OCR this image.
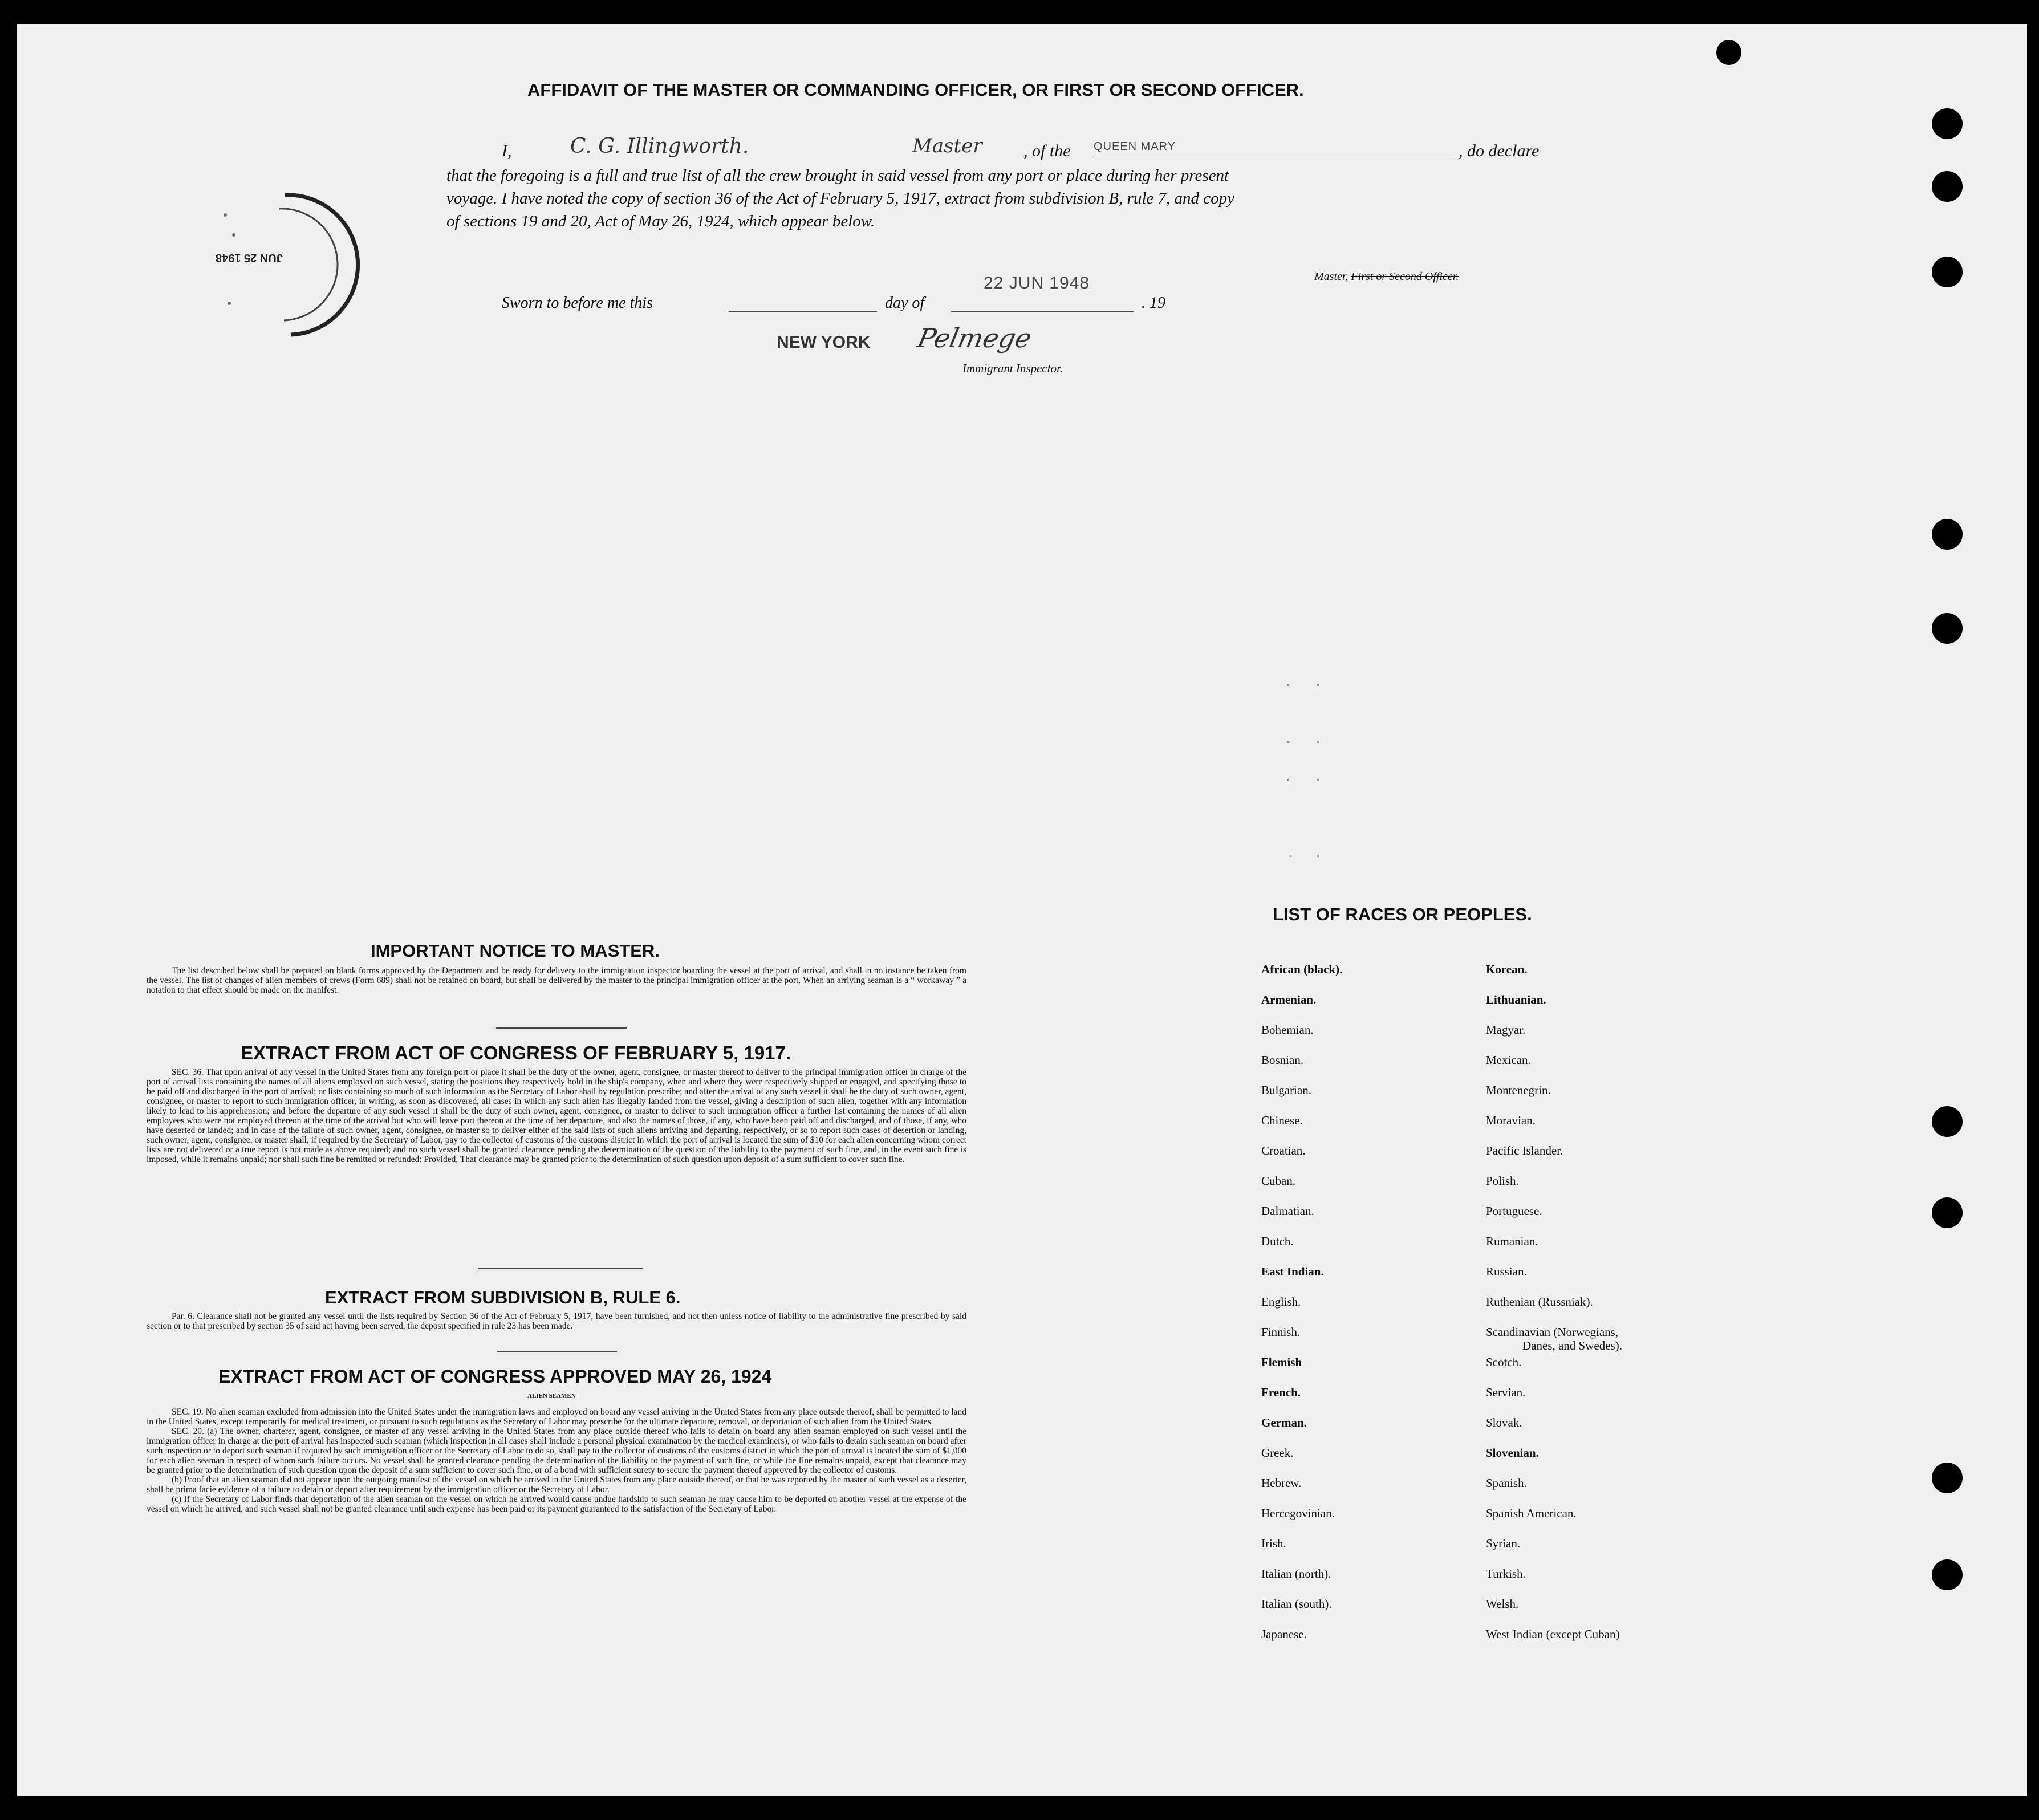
AFFIDAVIT OF THE MASTER OR COMMANDING OFFICER, OR FIRST OR SECOND OFFICER.
I,	C. G. Illingworth.	Master , of the QUEEN MARY	, do declare
that the foregoing is a full and true list of all the crew brought in said vessel from any port or place during her present
voyage. I have noted the copy of section 36 of the Act of February 5, 1917, extract from subdivision B, rule 7, and copy
of sections 19 and 20, Act of May 26, 1924, which appear below.
Master, First or Second Officer.
Sworn to before me this	day of
22 JUN 1948
. 19
NEW YORK Pelmege
Immigrant Inspector.
JUN 25 1948
IMPORTANT NOTICE TO MASTER.

The list described below shall be prepared on blank forms approved by the Department and be ready for delivery to the immigration inspector boarding the vessel at the port of arrival, and shall in no instance be taken from the vessel. The list of changes of alien members of crews (Form 689) shall not be retained on board, but shall be delivered by the master to the principal immigration officer at the port. When an arriving seaman is a “ workaway ” a notation to that effect should be made on the manifest.

EXTRACT FROM ACT OF CONGRESS OF FEBRUARY 5, 1917.

SEC. 36. That upon arrival of any vessel in the United States from any foreign port or place it shall be the duty of the owner, agent, consignee, or master thereof to deliver to the principal immigration officer in charge of the port of arrival lists containing the names of all aliens employed on such vessel, stating the positions they respectively hold in the ship's company, when and where they were respectively shipped or engaged, and specifying those to be paid off and discharged in the port of arrival; or lists containing so much of such information as the Secretary of Labor shall by regulation prescribe; and after the arrival of any such vessel it shall be the duty of such owner, agent, consignee, or master to report to such immigration officer, in writing, as soon as discovered, all cases in which any such alien has illegally landed from the vessel, giving a description of such alien, together with any information likely to lead to his apprehension; and before the departure of any such vessel it shall be the duty of such owner, agent, consignee, or master to deliver to such immigration officer a further list containing the names of all alien employees who were not employed thereon at the time of the arrival but who will leave port thereon at the time of her departure, and also the names of those, if any, who have been paid off and discharged, and of those, if any, who have deserted or landed; and in case of the failure of such owner, agent, consignee, or master so to deliver either of the said lists of such aliens arriving and departing, respectively, or so to report such cases of desertion or landing, such owner, agent, consignee, or master shall, if required by the Secretary of Labor, pay to the collector of customs of the customs district in which the port of arrival is located the sum of $10 for each alien concerning whom correct lists are not delivered or a true report is not made as above required; and no such vessel shall be granted clearance pending the determination of the question of the liability to the payment of such fine, and, in the event such fine is imposed, while it remains unpaid; nor shall such fine be remitted or refunded: Provided, That clearance may be granted prior to the determination of such question upon deposit of a sum sufficient to cover such fine.

EXTRACT FROM SUBDIVISION B, RULE 6.

Par. 6. Clearance shall not be granted any vessel until the lists required by Section 36 of the Act of February 5, 1917, have been furnished, and not then unless notice of liability to the administrative fine prescribed by said section or to that prescribed by section 35 of said act having been served, the deposit specified in rule 23 has been made.

EXTRACT FROM ACT OF CONGRESS APPROVED MAY 26, 1924
ALIEN SEAMEN

SEC. 19. No alien seaman excluded from admission into the United States under the immigration laws and employed on board any vessel arriving in the United States from any place outside thereof, shall be permitted to land in the United States, except temporarily for medical treatment, or pursuant to such regulations as the Secretary of Labor may prescribe for the ultimate departure, removal, or deportation of such alien from the United States.

SEC. 20. (a) The owner, charterer, agent, consignee, or master of any vessel arriving in the United States from any place outside thereof who fails to detain on board any alien seaman employed on such vessel until the immigration officer in charge at the port of arrival has inspected such seaman (which inspection in all cases shall include a personal physical examination by the medical examiners), or who fails to detain such seaman on board after such inspection or to deport such seaman if required by such immigration officer or the Secretary of Labor to do so, shall pay to the collector of customs of the customs district in which the port of arrival is located the sum of $1,000 for each alien seaman in respect of whom such failure occurs. No vessel shall be granted clearance pending the determination of the liability to the payment of such fine, or while the fine remains unpaid, except that clearance may be granted prior to the determination of such question upon the deposit of a sum sufficient to cover such fine, or of a bond with sufficient surety to secure the payment thereof approved by the collector of customs.

(b) Proof that an alien seaman did not appear upon the outgoing manifest of the vessel on which he arrived in the United States from any place outside thereof, or that he was reported by the master of such vessel as a deserter, shall be prima facie evidence of a failure to detain or deport after requirement by the immigration officer or the Secretary of Labor.

(c) If the Secretary of Labor finds that deportation of the alien seaman on the vessel on which he arrived would cause undue hardship to such seaman he may cause him to be deported on another vessel at the expense of the vessel on which he arrived, and such vessel shall not be granted clearance until such expense has been paid or its payment guaranteed to the satisfaction of the Secretary of Labor.

LIST OF RACES OR PEOPLES.
African (black).
Armenian.
Bohemian.
Bosnian.
Bulgarian.
Chinese.
Croatian.
Cuban.
Dalmatian.
Dutch.
East Indian.
English.
Finnish.
Flemish
French.
German.
Greek.
Hebrew.
Hercegovinian.
Irish.
Italian (north).
Italian (south).
Japanese.
Korean.
Lithuanian.
Magyar.
Mexican.
Montenegrin.
Moravian.
Pacific Islander.
Polish.
Portuguese.
Rumanian.
Russian.
Ruthenian (Russniak).
Scandinavian (Norwegians,
Danes, and Swedes).
Scotch.
Servian.
Slovak.
Slovenian.
Spanish.
Spanish American.
Syrian.
Turkish.
Welsh.
West Indian (except Cuban)
